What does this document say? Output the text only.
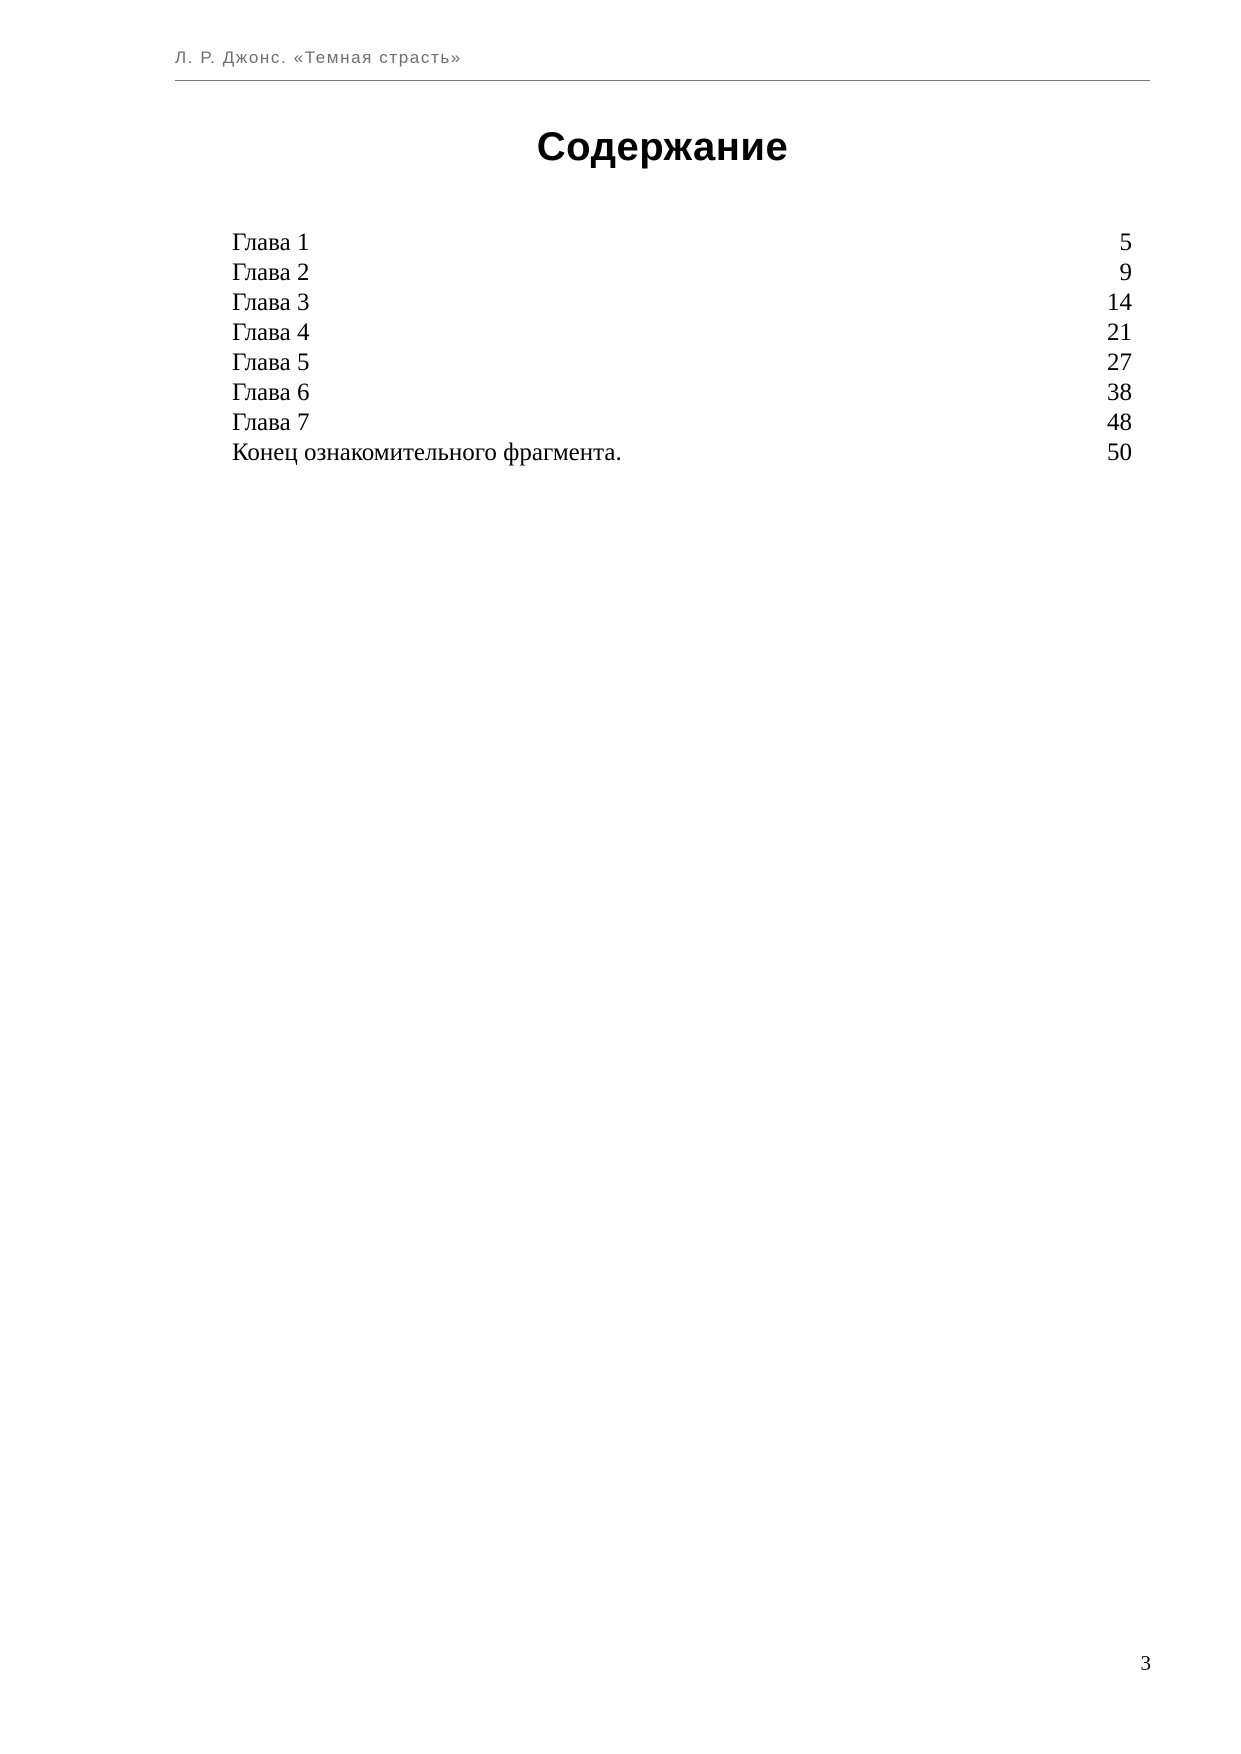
Л. Р. Джонс. «Темная страсть»
Содержание
Глава 1	5
Глава 2	9
Глава 3	14
Глава 4	21
Глава 5	27
Глава 6	38
Глава 7	48
Конец ознакомительного фрагмента.	50
3
